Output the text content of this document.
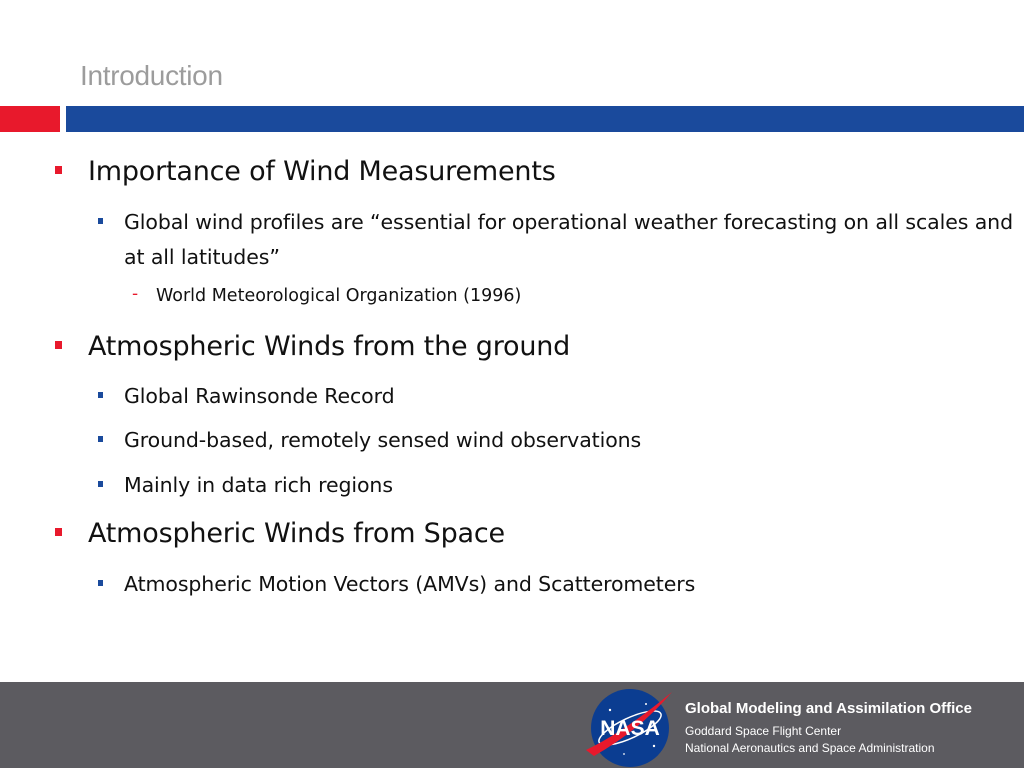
Introduction
Importance of Wind Measurements
Global wind profiles are “essential for operational weather forecasting on all scales and at all latitudes”
- World Meteorological Organization (1996)
Atmospheric Winds from the ground
Global Rawinsonde Record
Ground-based, remotely sensed wind observations
Mainly in data rich regions
Atmospheric Winds from Space
Atmospheric Motion Vectors (AMVs) and Scatterometers
NASA
Global Modeling and Assimilation Office
Goddard Space Flight Center
National Aeronautics and Space Administration
